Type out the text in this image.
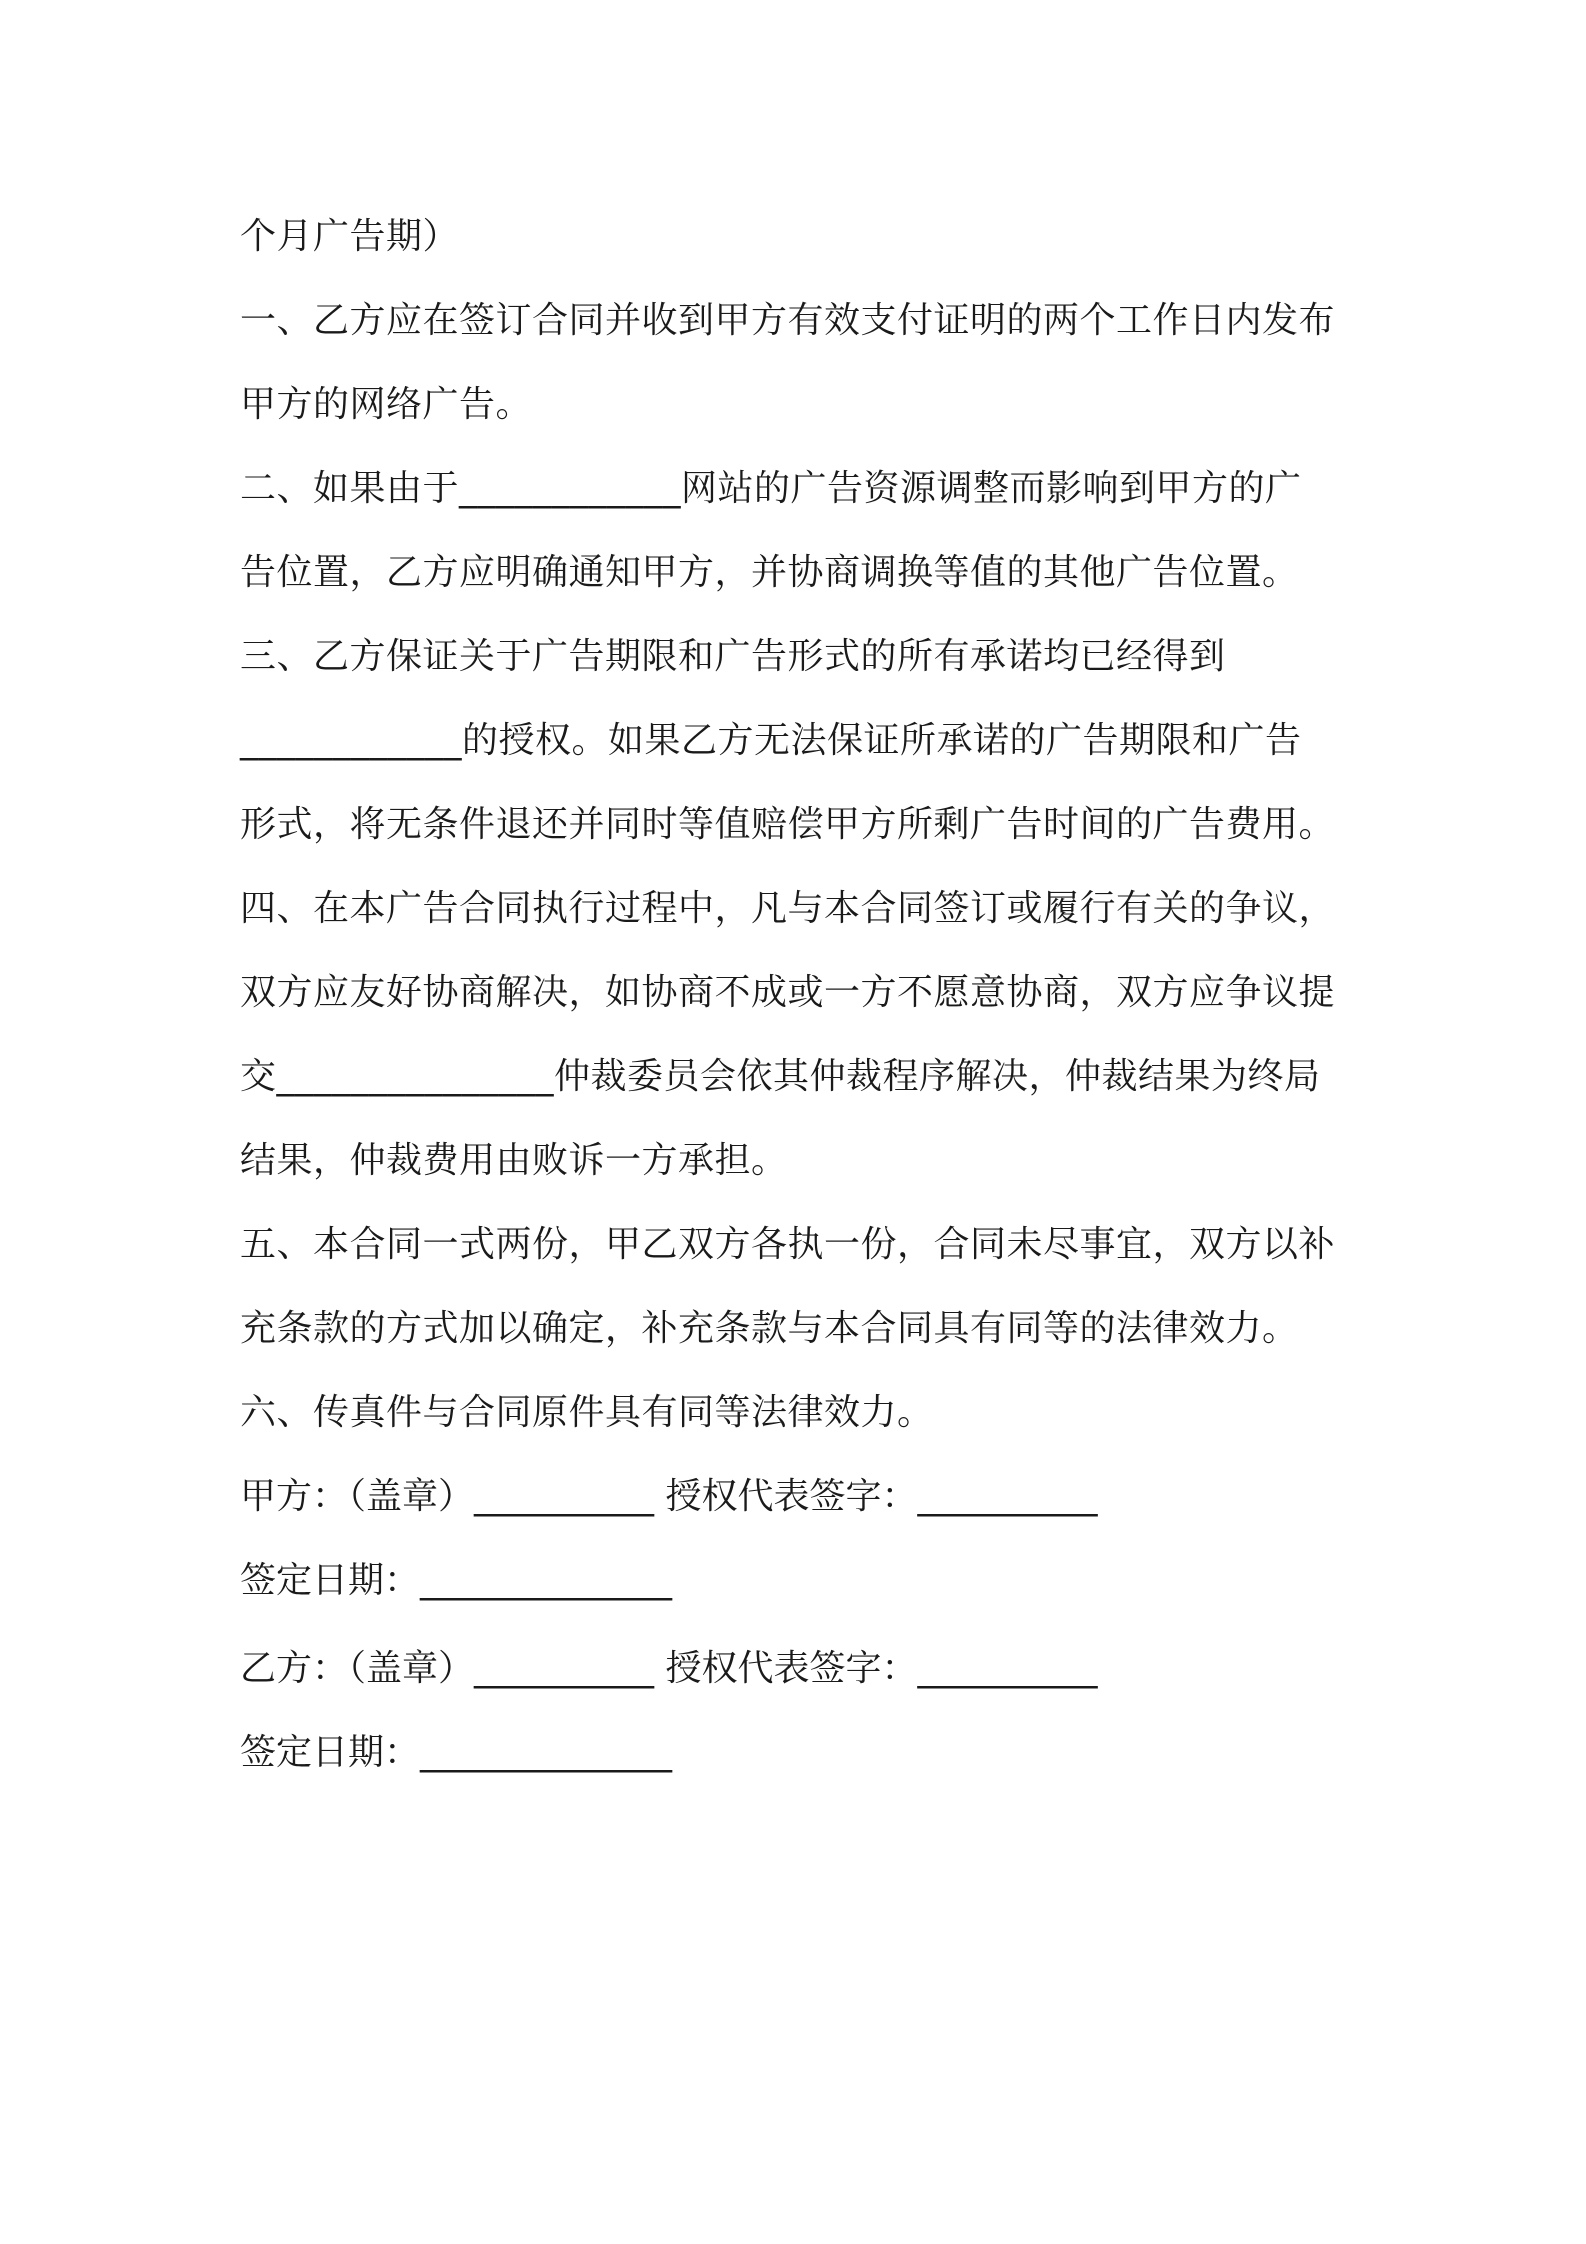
个月广告期）
一、乙方应在签订合同并收到甲方有效支付证明的两个工作日内发布
甲方的网络广告。
二、如果由于____________网站的广告资源调整而影响到甲方的广
告位置，乙方应明确通知甲方，并协商调换等值的其他广告位置。
三、乙方保证关于广告期限和广告形式的所有承诺均已经得到
____________的授权。如果乙方无法保证所承诺的广告期限和广告
形式，将无条件退还并同时等值赔偿甲方所剩广告时间的广告费用。
四、在本广告合同执行过程中，凡与本合同签订或履行有关的争议，
双方应友好协商解决，如协商不成或一方不愿意协商，双方应争议提
交_______________仲裁委员会依其仲裁程序解决，仲裁结果为终局
结果，仲裁费用由败诉一方承担。
五、本合同一式两份，甲乙双方各执一份，合同未尽事宜，双方以补
充条款的方式加以确定，补充条款与本合同具有同等的法律效力。
六、传真件与合同原件具有同等法律效力。
甲方：（盖章）__________ 授权代表签字：__________
签定日期：______________
乙方：（盖章）__________ 授权代表签字：__________
签定日期：______________
